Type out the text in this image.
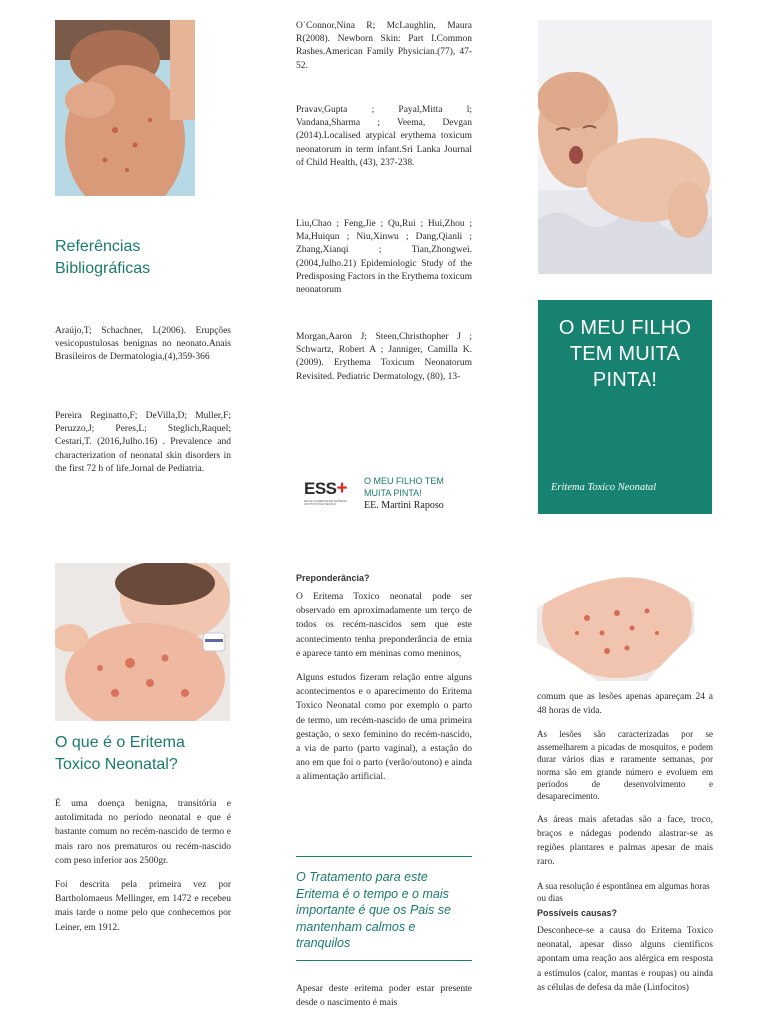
Referências
Bibliográficas

Araújo,T; Schachner, L(2006). Erupções vesicopustulosas benignas no neonato.Anais Brasileiros de Dermatologia,(4),359-366

Pereira Reginatto,F; DeVilla,D; Muller,F; Peruzzo,J; Peres,L; Steglich,Raquel; Cestari,T. (2016,Julho.16) . Prevalence and characterization of neonatal skin disorders in the first 72 h of life.Jornal de Pediatria.

O´Connor,Nina R; McLaughlin, Maura R(2008). Newborn Skin: Part I.Common Rashes.American Family Physician.(77), 47-52.

Pravav,Gupta ; Payal,Mitta l; Vandana,Sharma ; Veema, Devgan (2014).Localised atypical erythema toxicum neonatorum in term infant.Sri Lanka Journal of Child Health, (43), 237-238.

Liu,Chao ; Feng,Jie ; Qu,Rui ; Hui,Zhou ; Ma,Huiqun ; Niu,Xinwu ; Dang,Qianli ; Zhang,Xianqi ; Tian,Zhongwei. (2004,Julho.21) Epidemiologic Study of the Predisposing Factors in the Erythema toxicum neonatorum

Morgan,Aaron J; Steen,Christhopher J ; Schwartz, Robert A ; Janniger, Camilla K.(2009). Erythema Toxicum Neonatorum Revisited. Pediatric Dermatology, (80), 13-

ESS+
ESCOLA SUPERIOR DE SAÚDE DO INSTITUTO POLITÉCNICO
O MEU FILHO TEM
MUITA PINTA!
EE. Martini Raposo
O MEU FILHO
TEM MUITA
PINTA!
Eritema Toxico Neonatal
O que é o Eritema
Toxico Neonatal?

É uma doença benigna, transitória e autolimitada no período neonatal e que é bastante comum no recém-nascido de termo e mais raro nos prematuros ou recém-nascido com peso inferior aos 2500gr.

Foi descrita pela primeira vez por Bartholomaeus Mellinger, em 1472 e recebeu mais tarde o nome pelo que conhecemos por Leiner, em 1912.

Preponderância?

O Eritema Toxico neonatal pode ser observado em aproximadamente um terço de todos os recém-nascidos sem que este acontecimento tenha preponderância de etnia e aparece tanto em meninas como meninos,

Alguns estudos fizeram relação entre alguns acontecimentos e o aparecimento do Eritema Toxico Neonatal como por exemplo o parto de termo, um recém-nascido de uma primeira gestação, o sexo feminino do recém-nascido, a via de parto (parto vaginal), a estação do ano em que foi o parto (verão/outono) e ainda a alimentação artificial.

O Tratamento para este Eritema é o tempo e o mais importante é que os Pais se mantenham calmos e tranquilos
Apesar deste eritema poder estar presente desde o nascimento é mais

comum que as lesões apenas apareçam 24 a 48 horas de vida.

As lesões são caracterizadas por se assemelharem a picadas de mosquitos, e podem durar vários dias e raramente semanas, por norma são em grande número e evoluem em períodos de desenvolvimento e desaparecimento.

As áreas mais afetadas são a face, troco, braços e nádegas podendo alastrar-se as regiões plantares e palmas apesar de mais raro.

A sua resolução é espontânea em algumas horas ou dias

Possíveis causas?
Desconhece-se a causa do Eritema Toxico neonatal, apesar disso alguns científicos apontam uma reação aos alérgica em resposta a estímulos (calor, mantas e roupas) ou ainda as células de defesa da mãe (Linfocitos)
